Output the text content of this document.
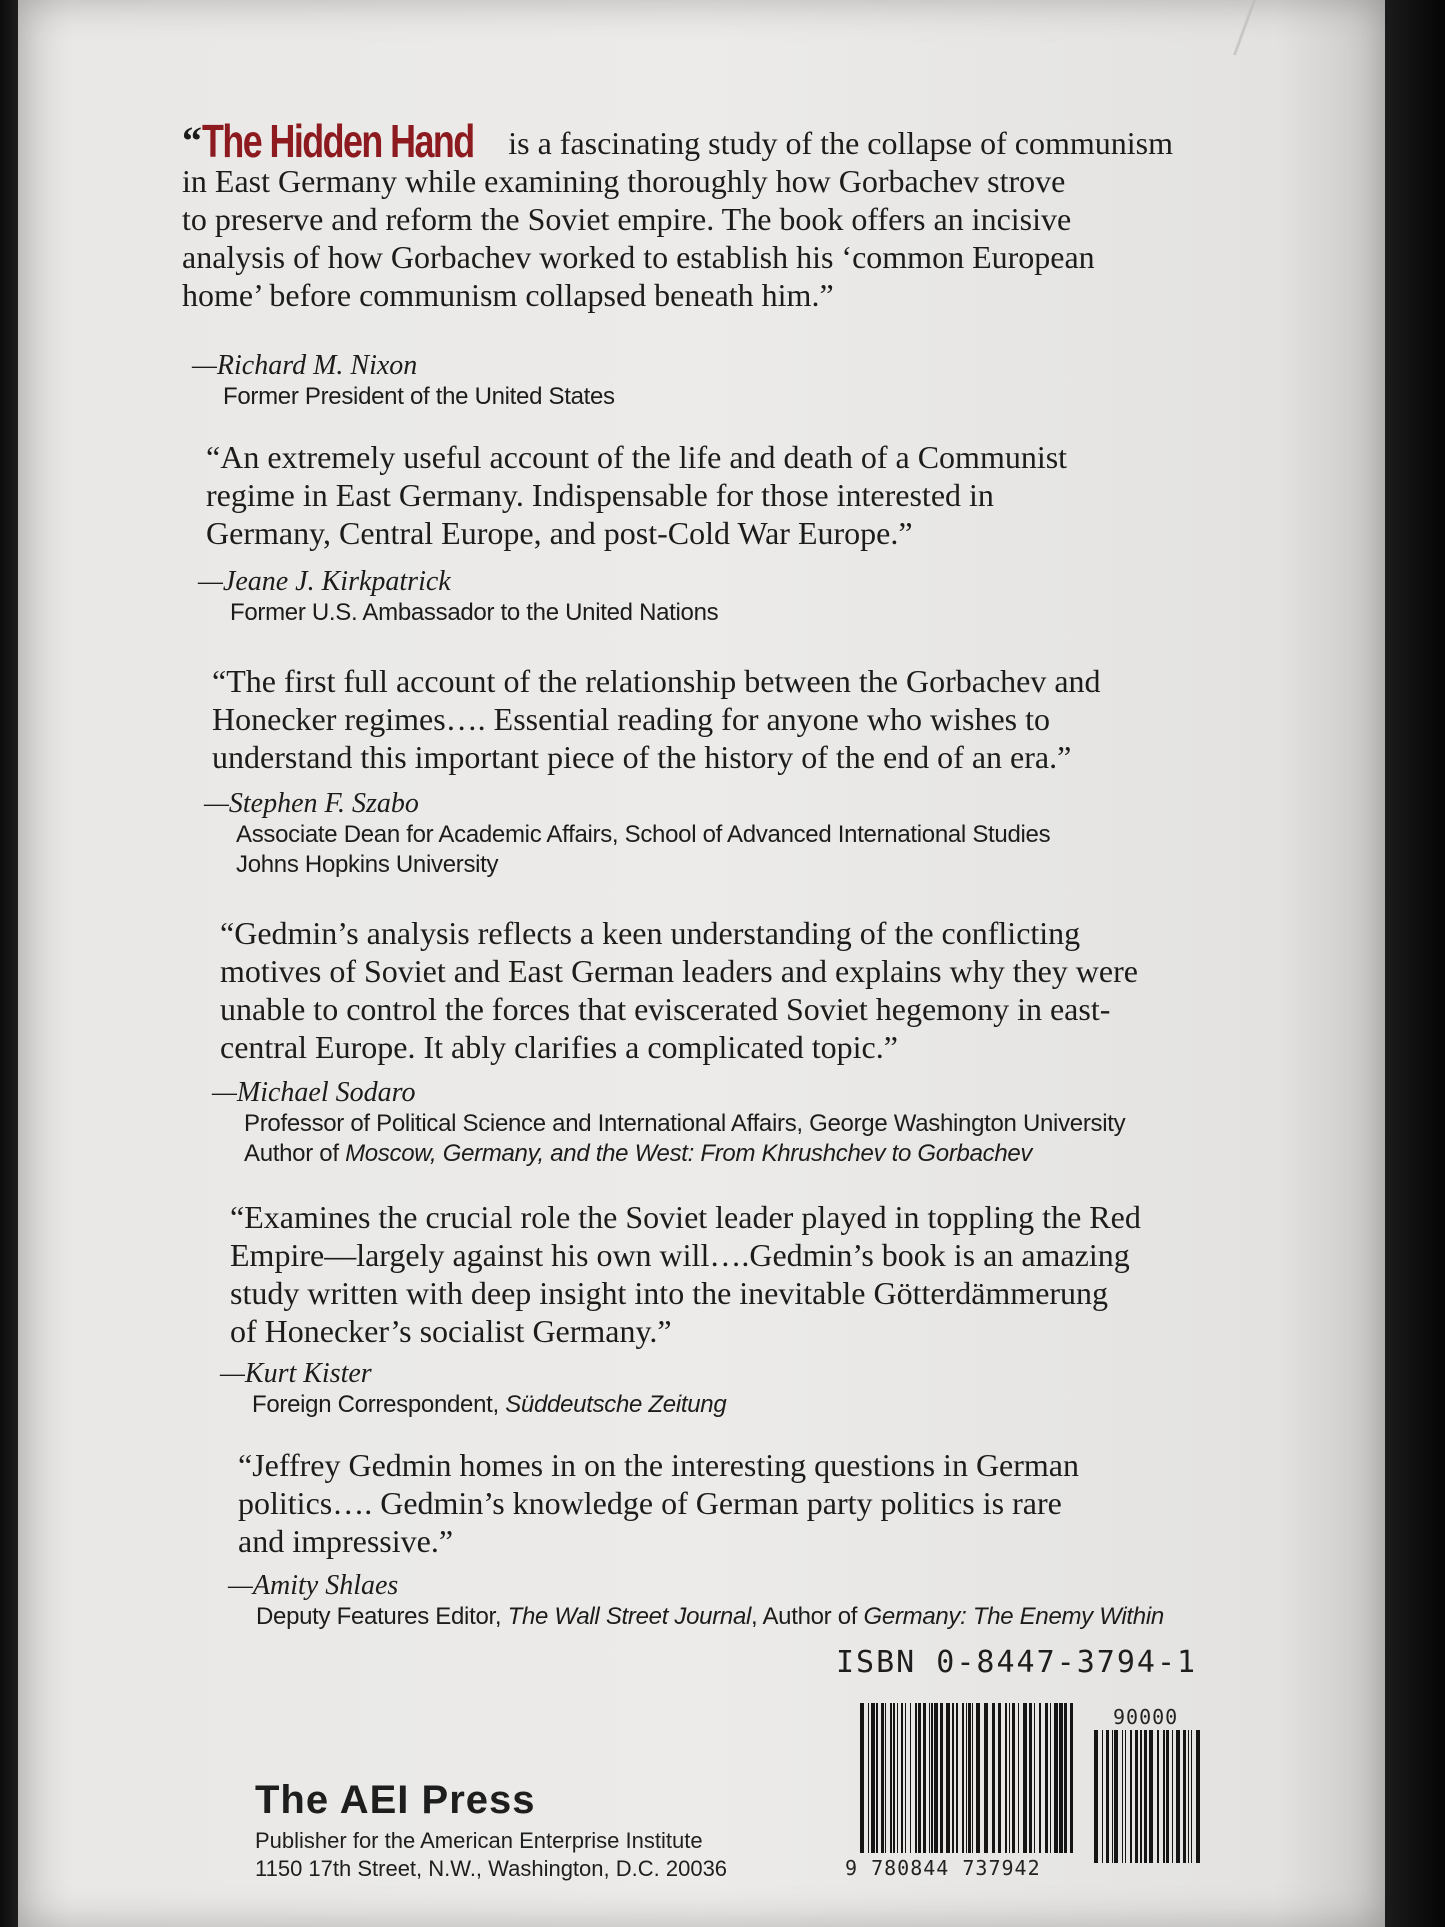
“The Hidden Hand is a fascinating study of the collapse of communism
in East Germany while examining thoroughly how Gorbachev strove
to preserve and reform the Soviet empire. The book offers an incisive
analysis of how Gorbachev worked to establish his ‘common European
home’ before communism collapsed beneath him.”

—Richard M. Nixon

Former President of the United States

“An extremely useful account of the life and death of a Communist
regime in East Germany. Indispensable for those interested in
Germany, Central Europe, and post-Cold War Europe.”

—Jeane J. Kirkpatrick

Former U.S. Ambassador to the United Nations

“The first full account of the relationship between the Gorbachev and
Honecker regimes…. Essential reading for anyone who wishes to
understand this important piece of the history of the end of an era.”

—Stephen F. Szabo

Associate Dean for Academic Affairs, School of Advanced International Studies

Johns Hopkins University

“Gedmin’s analysis reflects a keen understanding of the conflicting
motives of Soviet and East German leaders and explains why they were
unable to control the forces that eviscerated Soviet hegemony in east-
central Europe. It ably clarifies a complicated topic.”

—Michael Sodaro

Professor of Political Science and International Affairs, George Washington University

Author of Moscow, Germany, and the West: From Khrushchev to Gorbachev

“Examines the crucial role the Soviet leader played in toppling the Red
Empire—largely against his own will….Gedmin’s book is an amazing
study written with deep insight into the inevitable Götterdämmerung
of Honecker’s socialist Germany.”

—Kurt Kister

Foreign Correspondent, Süddeutsche Zeitung

“Jeffrey Gedmin homes in on the interesting questions in German
politics…. Gedmin’s knowledge of German party politics is rare
and impressive.”

—Amity Shlaes

Deputy Features Editor, The Wall Street Journal, Author of Germany: The Enemy Within

ISBN 0-8447-3794-1
90000
9 780844 737942

The AEI Press

Publisher for the American Enterprise Institute

1150 17th Street, N.W., Washington, D.C. 20036
